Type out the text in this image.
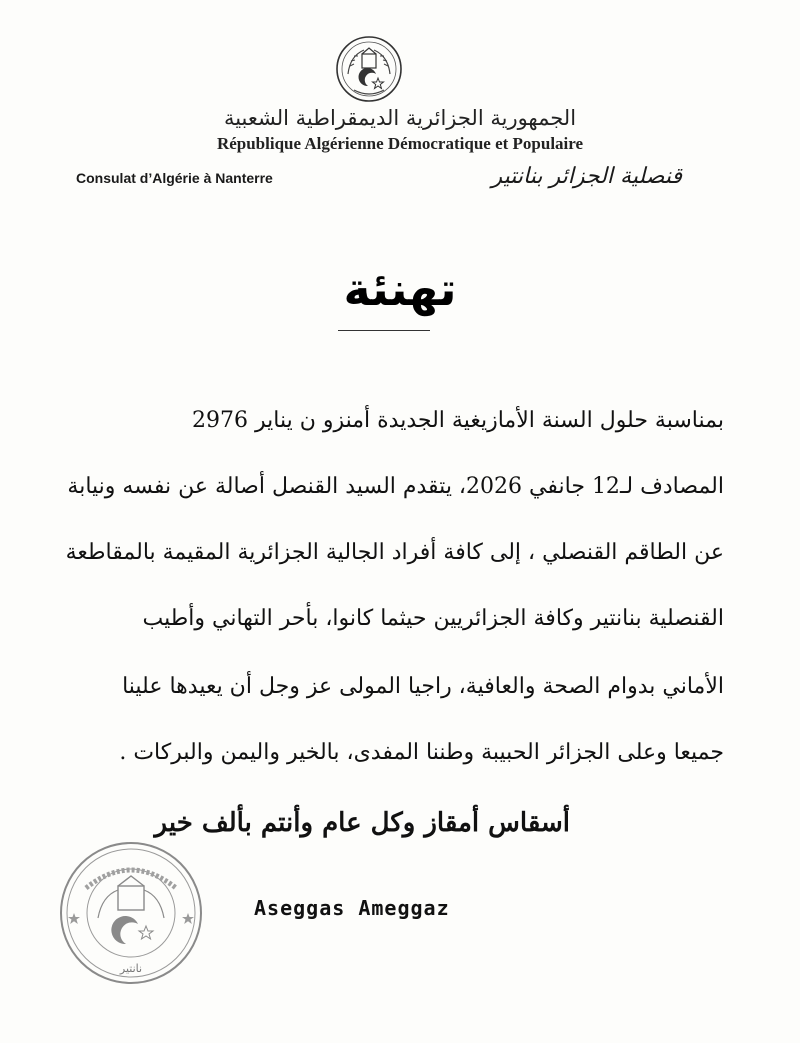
الجمهورية الجزائرية الديمقراطية الشعبية
République Algérienne Démocratique et Populaire
Consulat d’Algérie à Nanterre	قنصلية الجزائر بنانتير
تهنئة
بمناسبة حلول السنة الأمازيغية الجديدة أمنزو ن يناير 2976
المصادف لـ12 جانفي 2026، يتقدم السيد القنصل أصالة عن نفسه ونيابة
عن الطاقم القنصلي ، إلى كافة أفراد الجالية الجزائرية المقيمة بالمقاطعة
القنصلية بنانتير وكافة الجزائريين حيثما كانوا، بأحر التهاني وأطيب
الأماني بدوام الصحة والعافية، راجيا المولى عز وجل أن يعيدها علينا
جميعا وعلى الجزائر الحبيبة وطننا المفدى، بالخير واليمن والبركات .
أسقاس أمقاز وكل عام وأنتم بألف خير
نانتير
Aseggas Ameggaz
